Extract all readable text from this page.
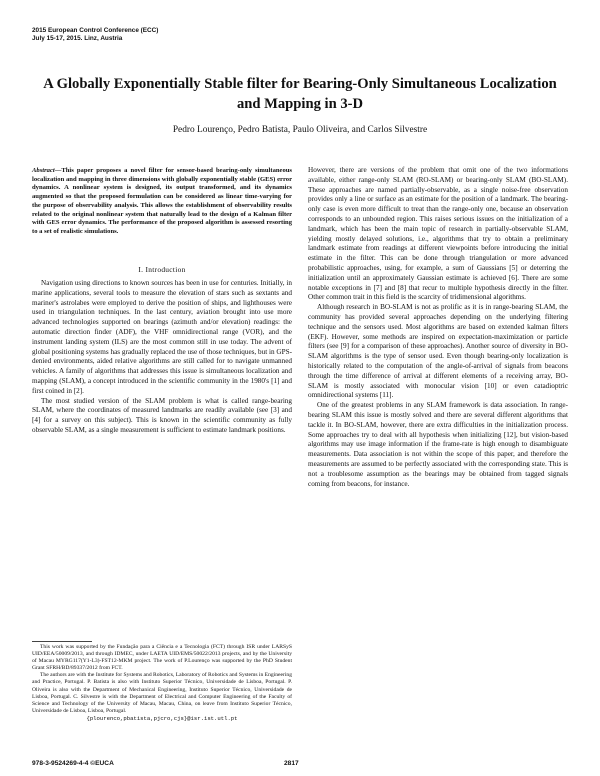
2015 European Control Conference (ECC)
July 15-17, 2015. Linz, Austria
A Globally Exponentially Stable filter for Bearing-Only Simultaneous Localization and Mapping in 3-D
Pedro Lourenço, Pedro Batista, Paulo Oliveira, and Carlos Silvestre

Abstract—This paper proposes a novel filter for sensor-based bearing-only simultaneous localization and mapping in three dimensions with globally exponentially stable (GES) error dynamics. A nonlinear system is designed, its output transformed, and its dynamics augmented so that the proposed formulation can be considered as linear time-varying for the purpose of observability analysis. This allows the establishment of observability results related to the original nonlinear system that naturally lead to the design of a Kalman filter with GES error dynamics. The performance of the proposed algorithm is assessed resorting to a set of realistic simulations.

I. Introduction

Navigation using directions to known sources has been in use for centuries. Initially, in marine applications, several tools to measure the elevation of stars such as sextants and mariner's astrolabes were employed to derive the position of ships, and lighthouses were used in triangulation techniques. In the last century, aviation brought into use more advanced technologies supported on bearings (azimuth and/or elevation) readings: the automatic direction finder (ADF), the VHF omnidirectional range (VOR), and the instrument landing system (ILS) are the most common still in use today. The advent of global positioning systems has gradually replaced the use of those techniques, but in GPS-denied environments, aided relative algorithms are still called for to navigate unmanned vehicles. A family of algorithms that addresses this issue is simultaneous localization and mapping (SLAM), a concept introduced in the scientific community in the 1980's [1] and first coined in [2].

The most studied version of the SLAM problem is what is called range-bearing SLAM, where the coordinates of measured landmarks are readily available (see [3] and [4] for a survey on this subject). This is known in the scientific community as fully observable SLAM, as a single measurement is sufficient to estimate landmark positions.

This work was supported by the Fundação para a Ciência e a Tecnologia (FCT) through ISR under LARSyS UID/EEA/50009/2013, and through IDMEC, under LAETA UID/EMS/50022/2013 projects, and by the University of Macau MYRG117(Y1-L3)-FST12-MKM project. The work of P.Lourenço was supported by the PhD Student Grant SFRH/BD/89337/2012 from FCT.

The authors are with the Institute for Systems and Robotics, Laboratory of Robotics and Systems in Engineering and Practice, Portugal. P. Batista is also with Instituto Superior Técnico, Universidade de Lisboa, Portugal. P. Oliveira is also with the Department of Mechanical Engineering, Instituto Superior Técnico, Universidade de Lisboa, Portugal. C. Silvestre is with the Department of Electrical and Computer Engineering of the Faculty of Science and Technology of the University of Macau, Macau, China, on leave from Instituto Superior Técnico, Universidade de Lisboa, Lisboa, Portugal.

{plourenco,pbatista,pjcro,cjs}@isr.ist.utl.pt

However, there are versions of the problem that omit one of the two informations available, either range-only SLAM (RO-SLAM) or bearing-only SLAM (BO-SLAM). These approaches are named partially-observable, as a single noise-free observation provides only a line or surface as an estimate for the position of a landmark. The bearing-only case is even more difficult to treat than the range-only one, because an observation corresponds to an unbounded region. This raises serious issues on the initialization of a landmark, which has been the main topic of research in partially-observable SLAM, yielding mostly delayed solutions, i.e., algorithms that try to obtain a preliminary landmark estimate from readings at different viewpoints before introducing the initial estimate in the filter. This can be done through triangulation or more advanced probabilistic approaches, using, for example, a sum of Gaussians [5] or deterring the initialization until an approximately Gaussian estimate is achieved [6]. There are some notable exceptions in [7] and [8] that recur to multiple hypothesis directly in the filter. Other common trait in this field is the scarcity of tridimensional algorithms.

Although research in BO-SLAM is not as prolific as it is in range-bearing SLAM, the community has provided several approaches depending on the underlying filtering technique and the sensors used. Most algorithms are based on extended kalman filters (EKF). However, some methods are inspired on expectation-maximization or particle filters (see [9] for a comparison of these approaches). Another source of diversity in BO-SLAM algorithms is the type of sensor used. Even though bearing-only localization is historically related to the computation of the angle-of-arrival of signals from beacons through the time difference of arrival at different elements of a receiving array, BO-SLAM is mostly associated with monocular vision [10] or even catadioptric omnidirectional systems [11].

One of the greatest problems in any SLAM framework is data association. In range-bearing SLAM this issue is mostly solved and there are several different algorithms that tackle it. In BO-SLAM, however, there are extra difficulties in the initialization process. Some approaches try to deal with all hypothesis when initializing [12], but vision-based algorithms may use image information if the frame-rate is high enough to disambiguate measurements. Data association is not within the scope of this paper, and therefore the measurements are assumed to be perfectly associated with the corresponding state. This is not a troublesome assumption as the bearings may be obtained from tagged signals coming from beacons, for instance.

978-3-9524269-4-4 ©EUCA	2817
